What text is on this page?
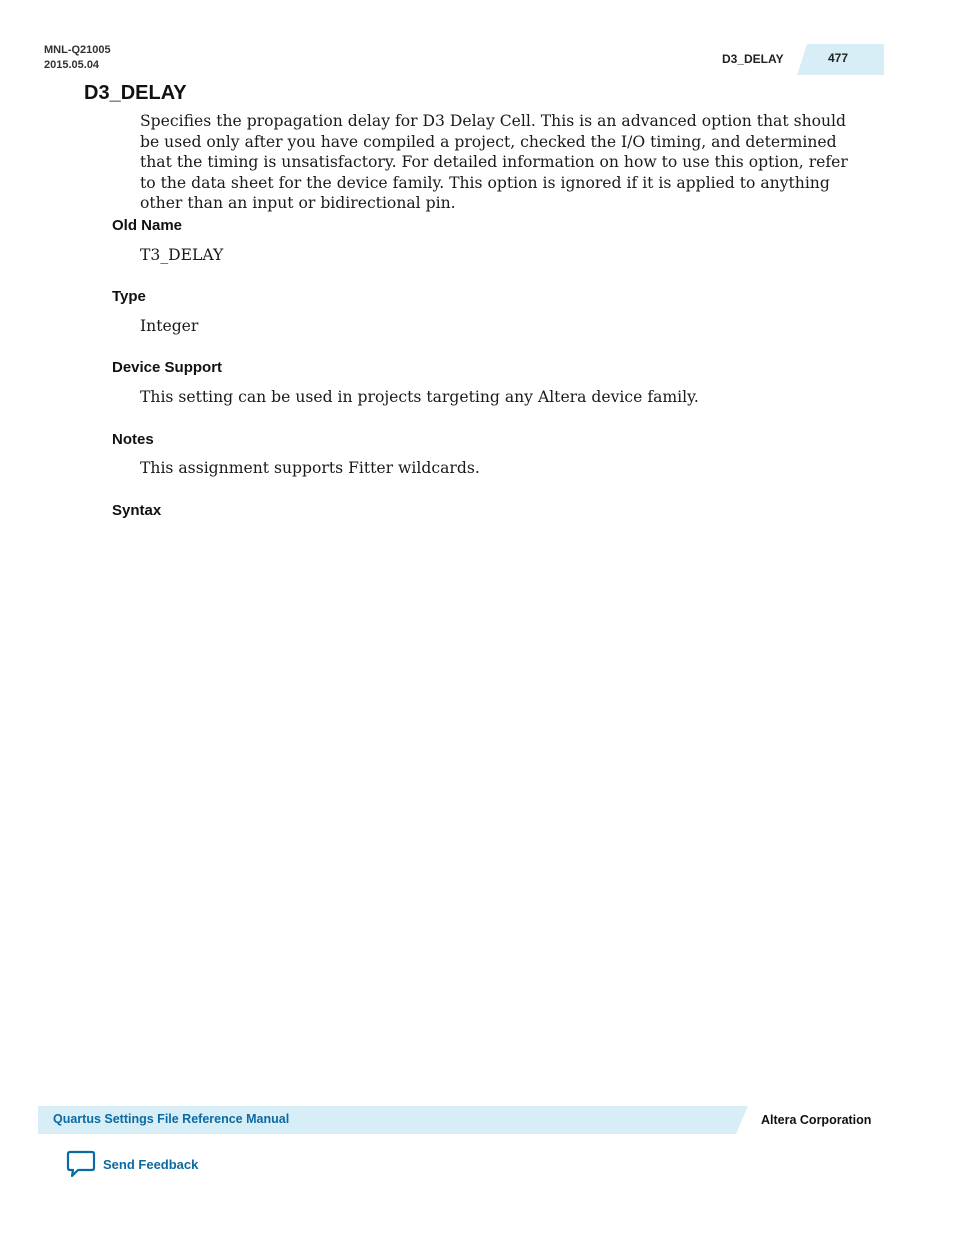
MNL-Q21005
2015.05.04	D3_DELAY	477
D3_DELAY

Specifies the propagation delay for D3 Delay Cell. This is an advanced option that should be used only after you have compiled a project, checked the I/O timing, and determined that the timing is unsatisfactory. For detailed information on how to use this option, refer to the data sheet for the device family. This option is ignored if it is applied to anything other than an input or bidirectional pin.

Old Name

T3_DELAY

Type

Integer

Device Support

This setting can be used in projects targeting any Altera device family.

Notes

This assignment supports Fitter wildcards.

Syntax
Quartus Settings File Reference Manual	Altera Corporation
Send Feedback
